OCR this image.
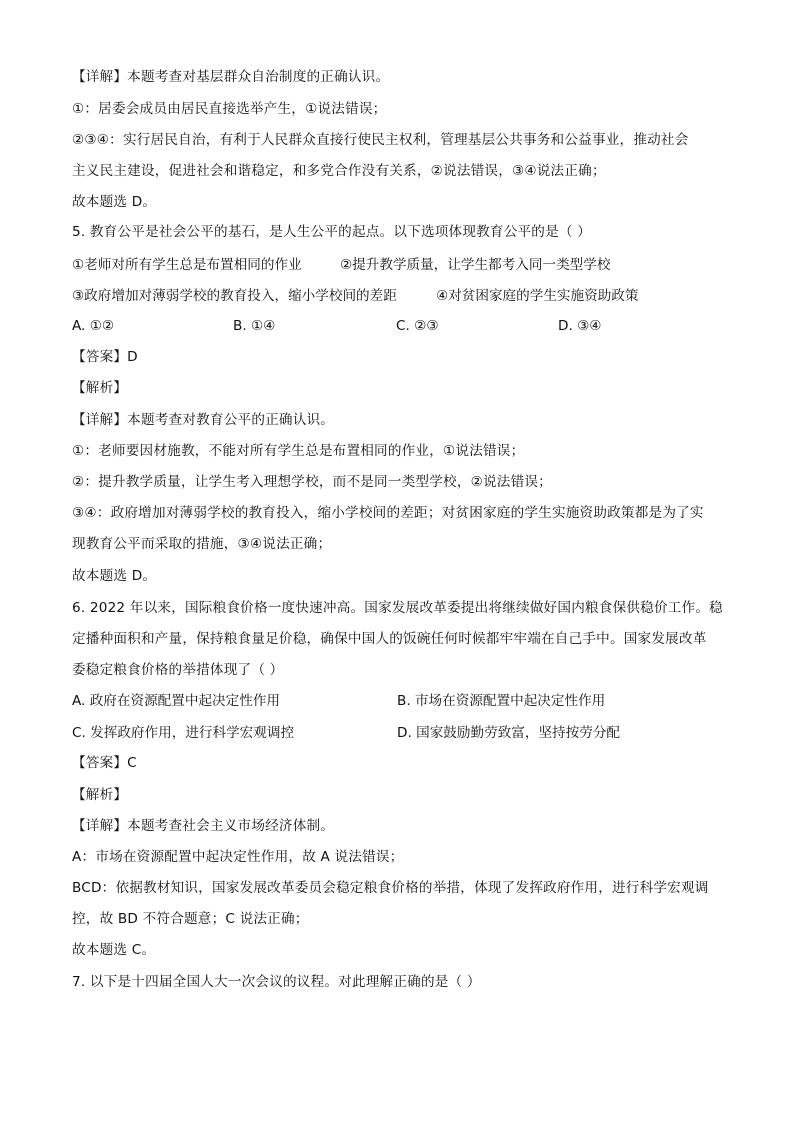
【详解】本题考查对基层群众自治制度的正确认识。
①：居委会成员由居民直接选举产生，①说法错误；
②③④：实行居民自治，有利于人民群众直接行使民主权利，管理基层公共事务和公益事业，推动社会
主义民主建设，促进社会和谐稳定，和多党合作没有关系，②说法错误，③④说法正确；
故本题选 D。
5. 教育公平是社会公平的基石，是人生公平的起点。以下选项体现教育公平的是（ ）
①老师对所有学生总是布置相同的作业	②提升教学质量，让学生都考入同一类型学校
③政府增加对薄弱学校的教育投入，缩小学校间的差距	④对贫困家庭的学生实施资助政策
A. ①②	B. ①④	C. ②③	D. ③④
【答案】D
【解析】
【详解】本题考查对教育公平的正确认识。
①：老师要因材施教，不能对所有学生总是布置相同的作业，①说法错误；
②：提升教学质量，让学生考入理想学校，而不是同一类型学校，②说法错误；
③④：政府增加对薄弱学校的教育投入，缩小学校间的差距；对贫困家庭的学生实施资助政策都是为了实
现教育公平而采取的措施，③④说法正确；
故本题选 D。
6. 2022 年以来，国际粮食价格一度快速冲高。国家发展改革委提出将继续做好国内粮食保供稳价工作。稳
定播种面积和产量，保持粮食量足价稳，确保中国人的饭碗任何时候都牢牢端在自己手中。国家发展改革
委稳定粮食价格的举措体现了（ ）
A. 政府在资源配置中起决定性作用	B. 市场在资源配置中起决定性作用
C. 发挥政府作用，进行科学宏观调控	D. 国家鼓励勤劳致富，坚持按劳分配
【答案】C
【解析】
【详解】本题考查社会主义市场经济体制。
A：市场在资源配置中起决定性作用，故 A 说法错误；
BCD：依据教材知识，国家发展改革委员会稳定粮食价格的举措，体现了发挥政府作用，进行科学宏观调
控，故 BD 不符合题意；C 说法正确；
故本题选 C。
7. 以下是十四届全国人大一次会议的议程。对此理解正确的是（ ）
